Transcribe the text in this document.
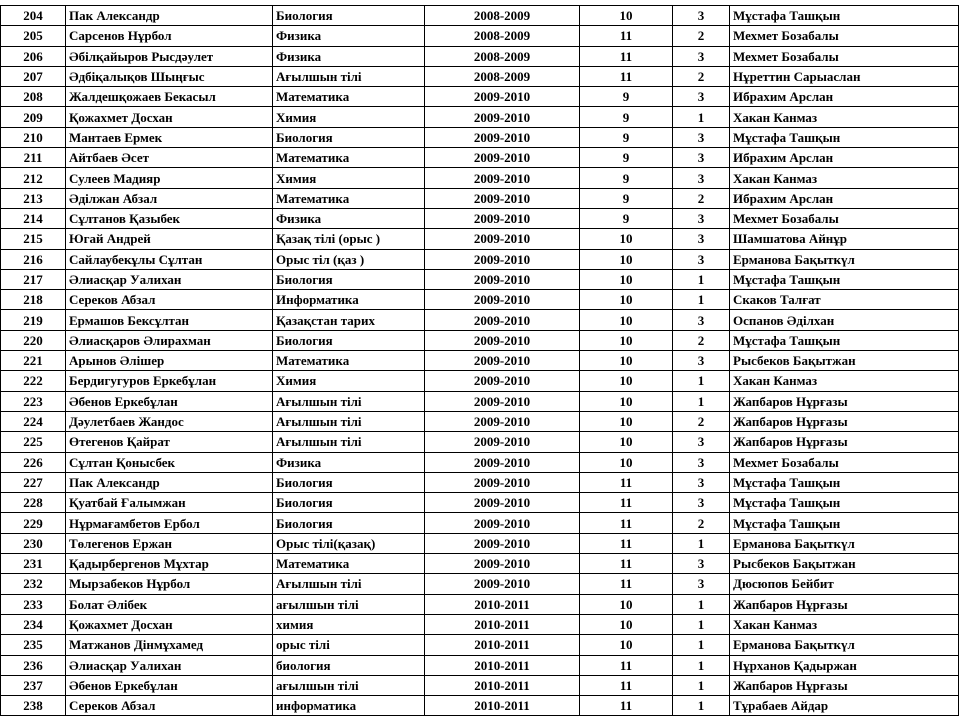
204	Пак Александр	Биология	2008-2009	10	3	Мұстафа Ташқын
205	Сарсенов Нұрбол	Физика	2008-2009	11	2	Мехмет Бозабалы
206	Әбілқайыров Рысдәулет	Физика	2008-2009	11	3	Мехмет Бозабалы
207	Әдбіқалықов Шыңғыс	Ағылшын тілі	2008-2009	11	2	Нұреттин Сарыаслан
208	Жалдешқожаев Бекасыл	Математика	2009-2010	9	3	Ибрахим Арслан
209	Қожахмет Досхан	Химия	2009-2010	9	1	Хакан Канмаз
210	Мантаев Ермек	Биология	2009-2010	9	3	Мұстафа Ташқын
211	Айтбаев Әсет	Математика	2009-2010	9	3	Ибрахим Арслан
212	Сулеев Мадияр	Химия	2009-2010	9	3	Хакан Канмаз
213	Әділжан Абзал	Математика	2009-2010	9	2	Ибрахим Арслан
214	Сұлтанов Қазыбек	Физика	2009-2010	9	3	Мехмет Бозабалы
215	Югай Андрей	Қазақ тілі (орыс )	2009-2010	10	3	Шамшатова Айнұр
216	Сайлаубекұлы Сұлтан	Орыс тіл (қаз )	2009-2010	10	3	Ерманова Бақыткүл
217	Әлиасқар Уалихан	Биология	2009-2010	10	1	Мұстафа Ташқын
218	Сереков Абзал	Информатика	2009-2010	10	1	Скаков Талғат
219	Ермашов Бексұлтан	Қазақстан тарих	2009-2010	10	3	Оспанов Әділхан
220	Әлиасқаров Әлирахман	Биология	2009-2010	10	2	Мұстафа Ташқын
221	Арынов Әлішер	Математика	2009-2010	10	3	Рысбеков Бақытжан
222	Бердигугуров Еркебұлан	Химия	2009-2010	10	1	Хакан Канмаз
223	Әбенов Еркебұлан	Ағылшын тілі	2009-2010	10	1	Жапбаров Нұрғазы
224	Дәулетбаев Жандос	Ағылшын тілі	2009-2010	10	2	Жапбаров Нұрғазы
225	Өтегенов Қайрат	Ағылшын тілі	2009-2010	10	3	Жапбаров Нұрғазы
226	Сұлтан Қонысбек	Физика	2009-2010	10	3	Мехмет Бозабалы
227	Пак Александр	Биология	2009-2010	11	3	Мұстафа Ташқын
228	Қуатбай Ғалымжан	Биология	2009-2010	11	3	Мұстафа Ташқын
229	Нұрмағамбетов Ербол	Биология	2009-2010	11	2	Мұстафа Ташқын
230	Төлегенов Ержан	Орыс тілі(қазақ)	2009-2010	11	1	Ерманова Бақыткүл
231	Қадырбергенов Мұхтар	Математика	2009-2010	11	3	Рысбеков Бақытжан
232	Мырзабеков Нұрбол	Ағылшын тілі	2009-2010	11	3	Дюсюпов Бейбит
233	Болат Әлібек	ағылшын тілі	2010-2011	10	1	Жапбаров Нұрғазы
234	Қожахмет Досхан	химия	2010-2011	10	1	Хакан Канмаз
235	Матжанов Дінмұхамед	орыс тілі	2010-2011	10	1	Ерманова Бақыткүл
236	Әлиасқар Уалихан	биология	2010-2011	11	1	Нұрханов Қадыржан
237	Әбенов Еркебұлан	ағылшын тілі	2010-2011	11	1	Жапбаров Нұрғазы
238	Сереков Абзал	информатика	2010-2011	11	1	Тұрабаев Айдар
